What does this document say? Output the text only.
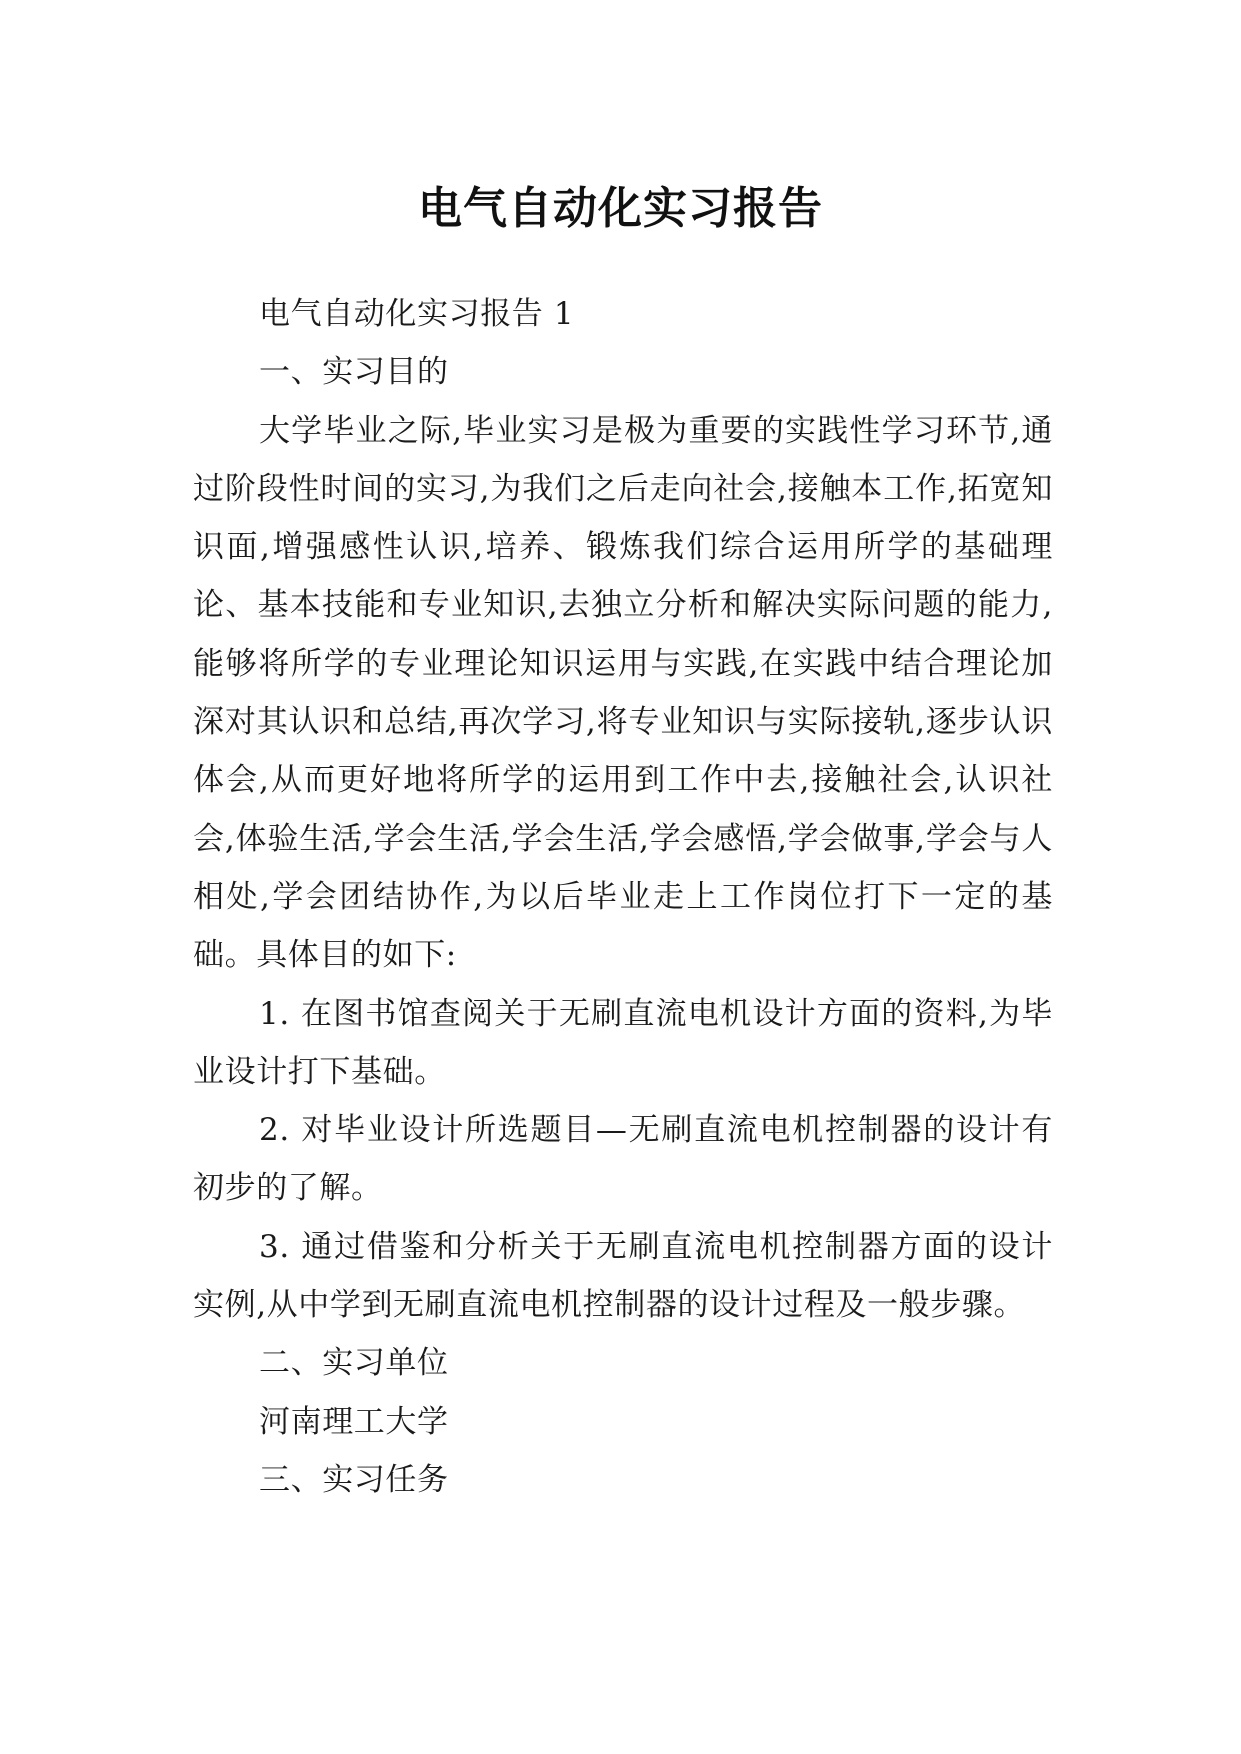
电气自动化实习报告

电气自动化实习报告 1

一、实习目的

大学毕业之际,毕业实习是极为重要的实践性学习环节,通过阶段性时间的实习,为我们之后走向社会,接触本工作,拓宽知识面,增强感性认识,培养、锻炼我们综合运用所学的基础理论、基本技能和专业知识,去独立分析和解决实际问题的能力,能够将所学的专业理论知识运用与实践,在实践中结合理论加深对其认识和总结,再次学习,将专业知识与实际接轨,逐步认识体会,从而更好地将所学的运用到工作中去,接触社会,认识社会,体验生活,学会生活,学会生活,学会感悟,学会做事,学会与人相处,学会团结协作,为以后毕业走上工作岗位打下一定的基础。具体目的如下:

1. 在图书馆查阅关于无刷直流电机设计方面的资料,为毕业设计打下基础。

2. 对毕业设计所选题目—无刷直流电机控制器的设计有初步的了解。

3. 通过借鉴和分析关于无刷直流电机控制器方面的设计实例,从中学到无刷直流电机控制器的设计过程及一般步骤。

二、实习单位

河南理工大学

三、实习任务
